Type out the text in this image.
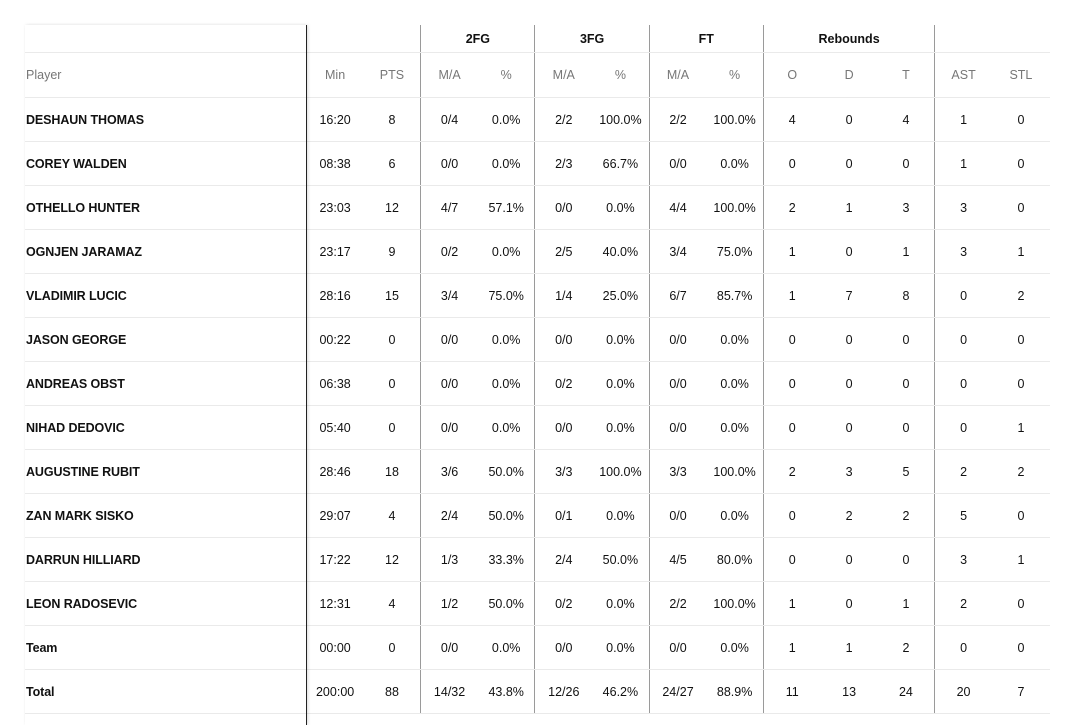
			2FG		3FG		FT		Rebounds				
Player	Min	PTS	M/A	%	M/A	%	M/A	%	O	D	T	AST	STL
DESHAUN THOMAS	16:20	8	0/4	0.0%	2/2	100.0%	2/2	100.0%	4	0	4	1	0
COREY WALDEN	08:38	6	0/0	0.0%	2/3	66.7%	0/0	0.0%	0	0	0	1	0
OTHELLO HUNTER	23:03	12	4/7	57.1%	0/0	0.0%	4/4	100.0%	2	1	3	3	0
OGNJEN JARAMAZ	23:17	9	0/2	0.0%	2/5	40.0%	3/4	75.0%	1	0	1	3	1
VLADIMIR LUCIC	28:16	15	3/4	75.0%	1/4	25.0%	6/7	85.7%	1	7	8	0	2
JASON GEORGE	00:22	0	0/0	0.0%	0/0	0.0%	0/0	0.0%	0	0	0	0	0
ANDREAS OBST	06:38	0	0/0	0.0%	0/2	0.0%	0/0	0.0%	0	0	0	0	0
NIHAD DEDOVIC	05:40	0	0/0	0.0%	0/0	0.0%	0/0	0.0%	0	0	0	0	1
AUGUSTINE RUBIT	28:46	18	3/6	50.0%	3/3	100.0%	3/3	100.0%	2	3	5	2	2
ZAN MARK SISKO	29:07	4	2/4	50.0%	0/1	0.0%	0/0	0.0%	0	2	2	5	0
DARRUN HILLIARD	17:22	12	1/3	33.3%	2/4	50.0%	4/5	80.0%	0	0	0	3	1
LEON RADOSEVIC	12:31	4	1/2	50.0%	0/2	0.0%	2/2	100.0%	1	0	1	2	0
Team	00:00	0	0/0	0.0%	0/0	0.0%	0/0	0.0%	1	1	2	0	0
Total	200:00	88	14/32	43.8%	12/26	46.2%	24/27	88.9%	11	13	24	20	7
